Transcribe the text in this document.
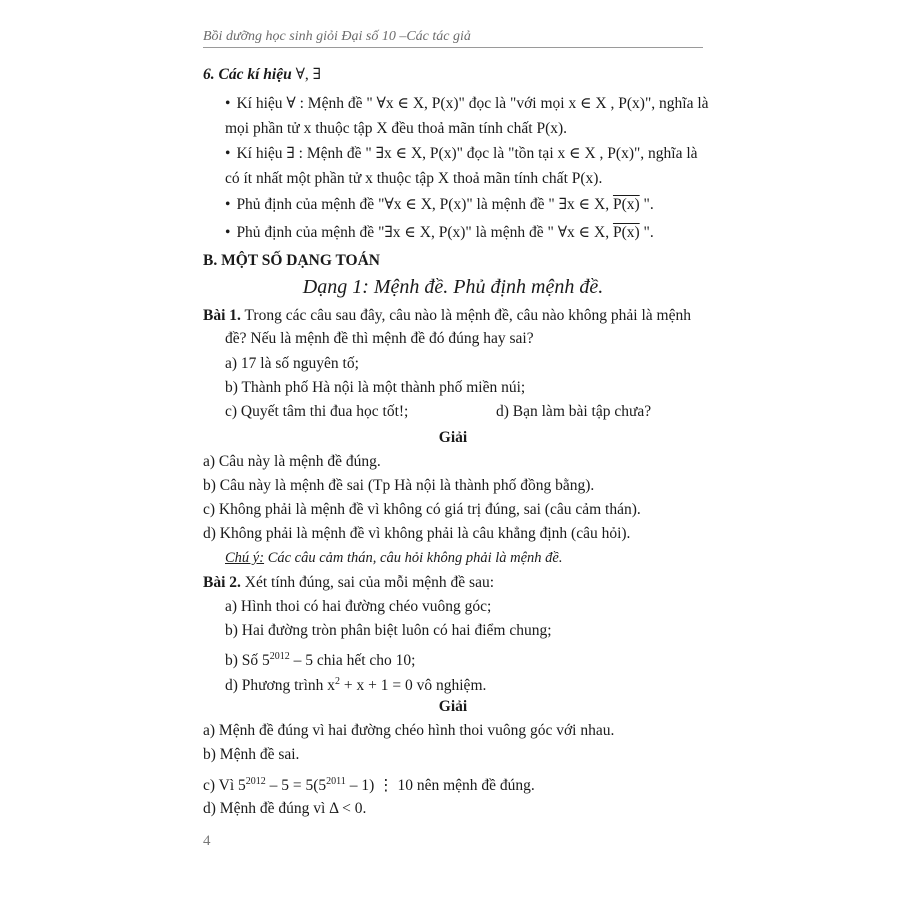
Bồi dưỡng học sinh giỏi Đại số 10 –Các tác giả
6. Các kí hiệu ∀, ∃
• Kí hiệu ∀ : Mệnh đề " ∀x ∈ X, P(x)" đọc là "với mọi x ∈ X , P(x)", nghĩa là
mọi phần tử x thuộc tập X đều thoả mãn tính chất P(x).
• Kí hiệu ∃ : Mệnh đề " ∃x ∈ X, P(x)" đọc là "tồn tại x ∈ X , P(x)", nghĩa là
có ít nhất một phần tử x thuộc tập X thoả mãn tính chất P(x).
• Phủ định của mệnh đề "∀x ∈ X, P(x)" là mệnh đề " ∃x ∈ X, P(x) ".
• Phủ định của mệnh đề "∃x ∈ X, P(x)" là mệnh đề " ∀x ∈ X, P(x) ".
B. MỘT SỐ DẠNG TOÁN
Dạng 1: Mệnh đề. Phủ định mệnh đề.
Bài 1. Trong các câu sau đây, câu nào là mệnh đề, câu nào không phải là mệnh
đề? Nếu là mệnh đề thì mệnh đề đó đúng hay sai?
a) 17 là số nguyên tố;
b) Thành phố Hà nội là một thành phố miền núi;
c) Quyết tâm thi đua học tốt!;	d) Bạn làm bài tập chưa?
Giải
a) Câu này là mệnh đề đúng.
b) Câu này là mệnh đề sai (Tp Hà nội là thành phố đồng bằng).
c) Không phải là mệnh đề vì không có giá trị đúng, sai (câu cảm thán).
d) Không phải là mệnh đề vì không phải là câu khẳng định (câu hỏi).
Chú ý: Các câu cảm thán, câu hỏi không phải là mệnh đề.
Bài 2. Xét tính đúng, sai của mỗi mệnh đề sau:
a) Hình thoi có hai đường chéo vuông góc;
b) Hai đường tròn phân biệt luôn có hai điểm chung;
b) Số $5^{2012} - 5$ chia hết cho 10;
d) Phương trình $x^2 + x + 1 = 0$ vô nghiệm.
Giải
a) Mệnh đề đúng vì hai đường chéo hình thoi vuông góc với nhau.
b) Mệnh đề sai.
c) Vì $5^{2012} - 5 = 5(5^{2011} - 1)$ ⋮ 10 nên mệnh đề đúng.
d) Mệnh đề đúng vì Δ < 0.
4
